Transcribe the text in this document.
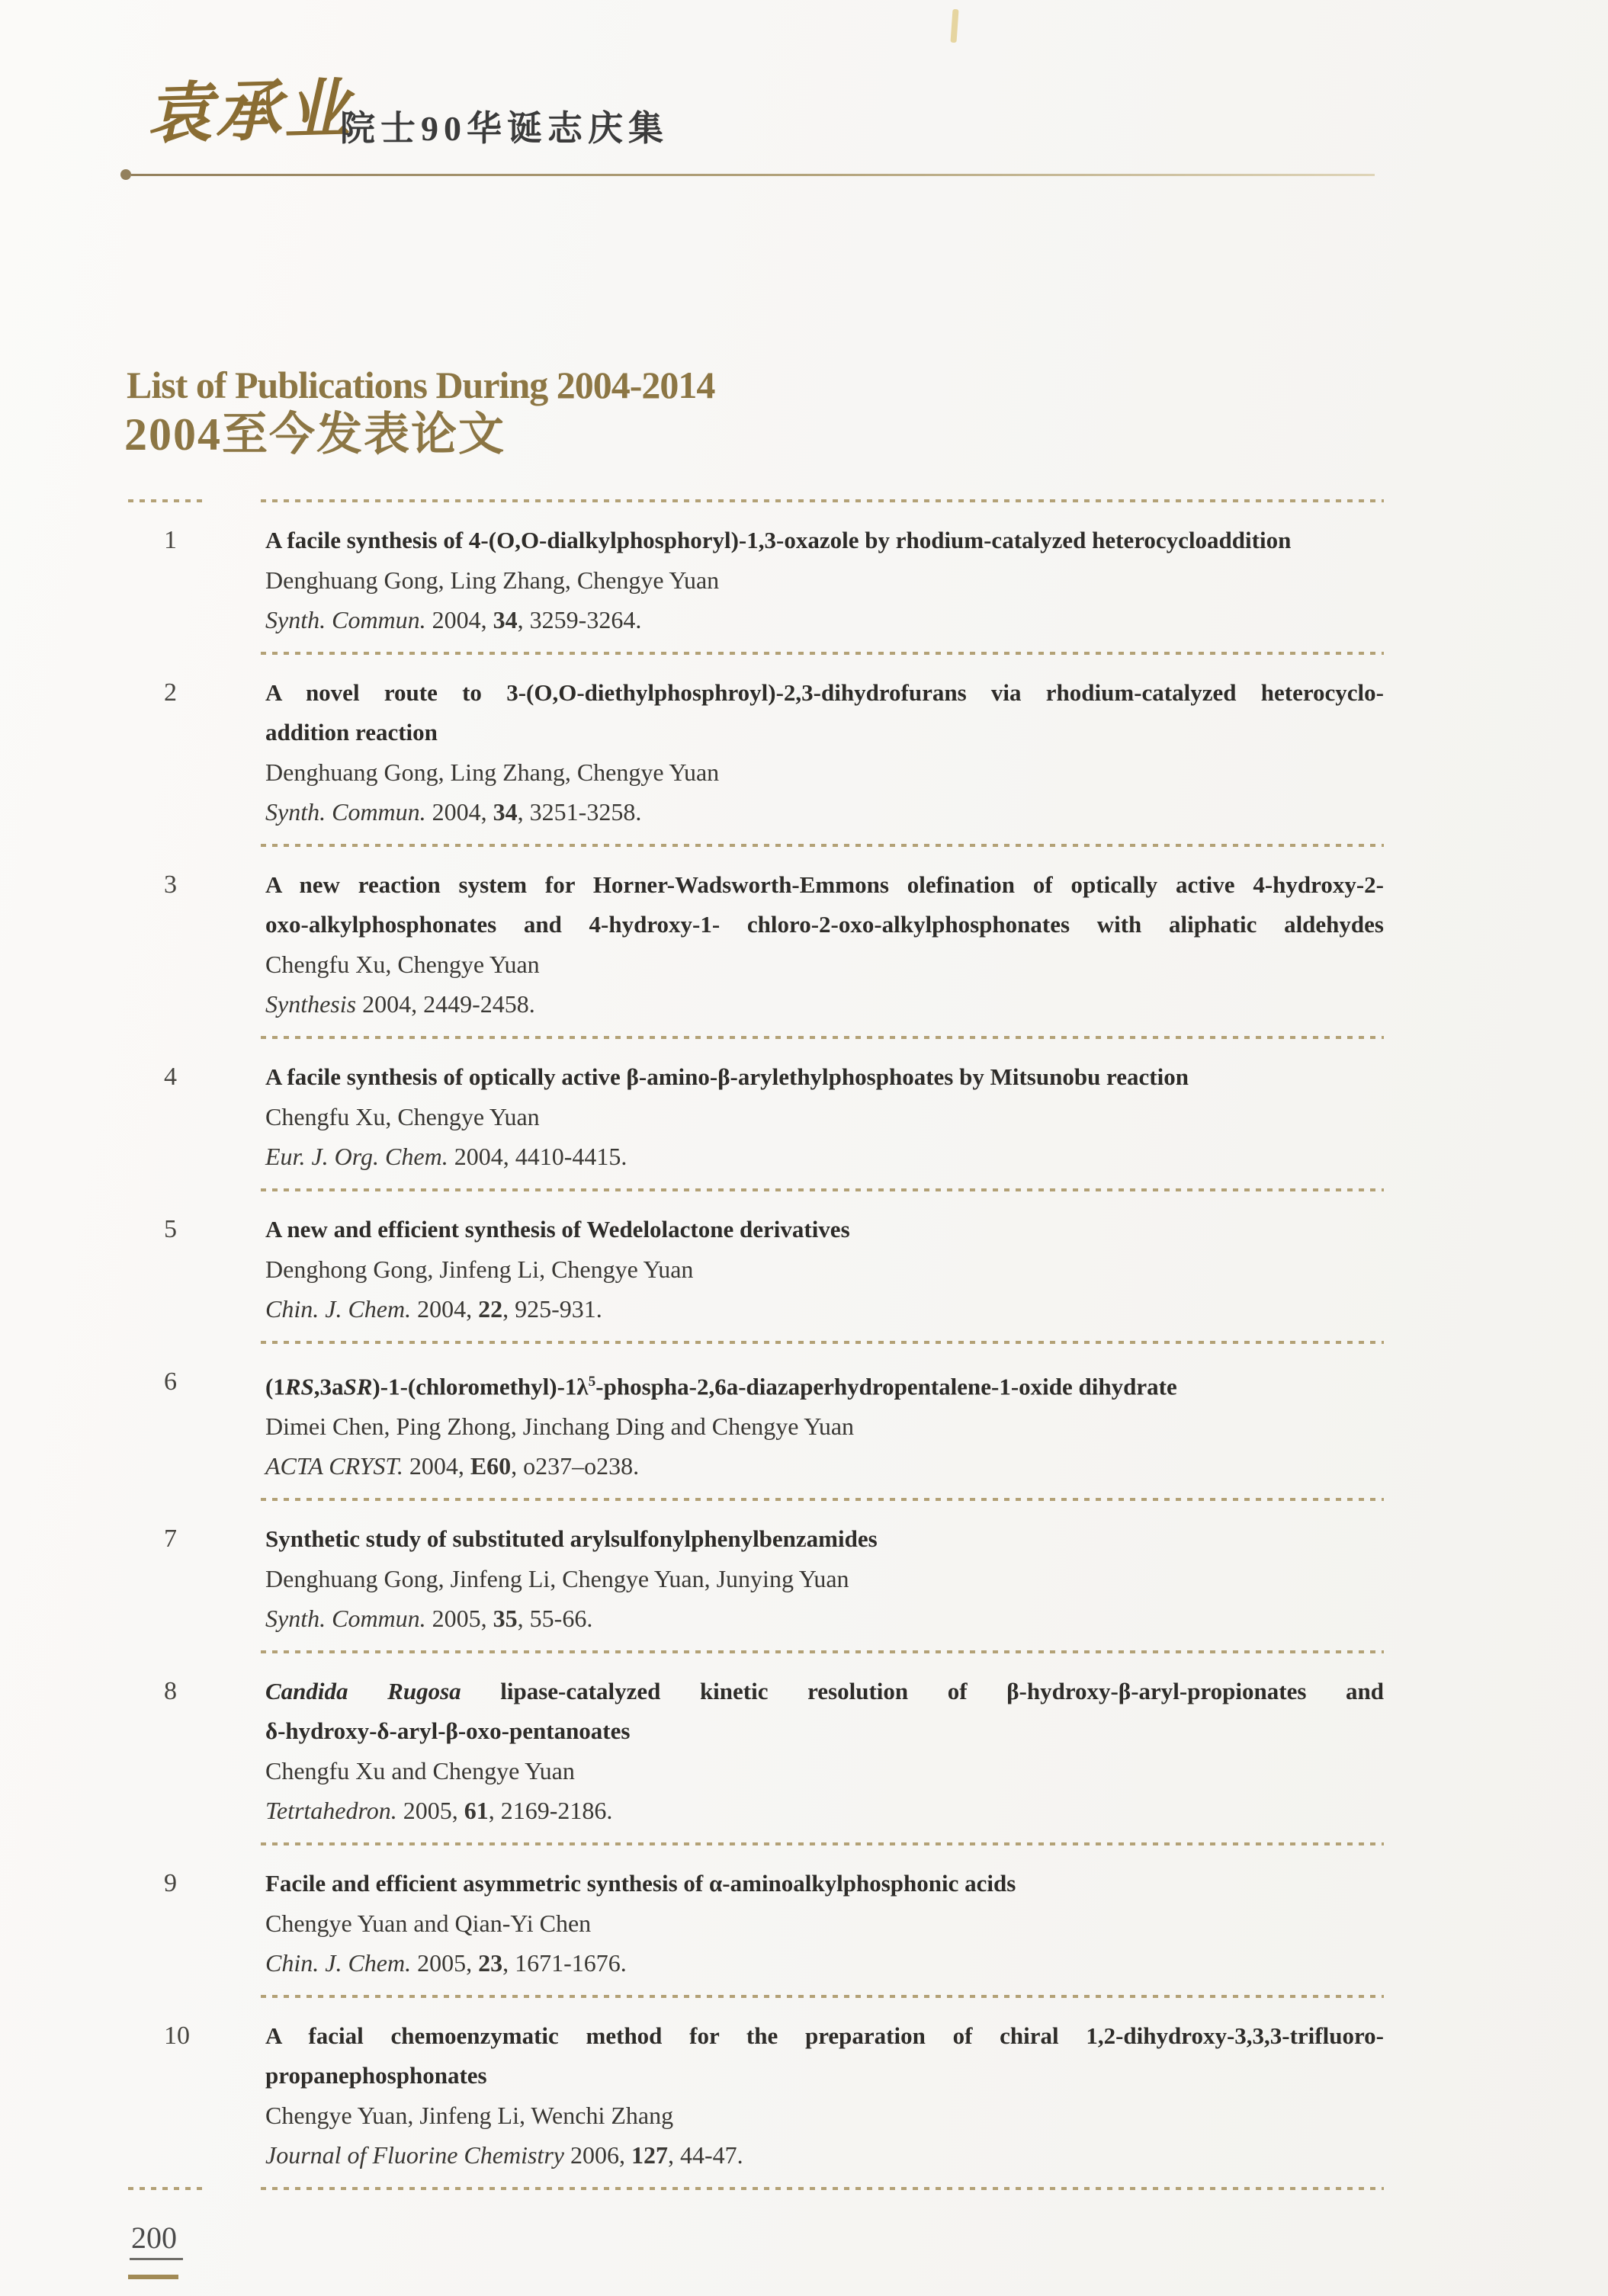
袁承业
院士90华诞志庆集
List of Publications During 2004-2014
2004至今发表论文
1	A facile synthesis of 4-(O,O-dialkylphosphoryl)-1,3-oxazole by rhodium-catalyzed heterocycloaddition
Denghuang Gong, Ling Zhang, Chengye Yuan
Synth. Commun. 2004, 34, 3259-3264.
2	A novel route to 3-(O,O-diethylphosphroyl)-2,3-dihydrofurans via rhodium-catalyzed heterocyclo-
addition reaction
Denghuang Gong, Ling Zhang, Chengye Yuan
Synth. Commun. 2004, 34, 3251-3258.
3	A new reaction system for Horner-Wadsworth-Emmons olefination of optically active 4-hydroxy-2-
oxo-alkylphosphonates and 4-hydroxy-1- chloro-2-oxo-alkylphosphonates with aliphatic aldehydes
Chengfu Xu, Chengye Yuan
Synthesis 2004, 2449-2458.
4	A facile synthesis of optically active β-amino-β-arylethylphosphoates by Mitsunobu reaction
Chengfu Xu, Chengye Yuan
Eur. J. Org. Chem. 2004, 4410-4415.
5	A new and efficient synthesis of Wedelolactone derivatives
Denghong Gong, Jinfeng Li, Chengye Yuan
Chin. J. Chem. 2004, 22, 925-931.
6	$(1RS,3aSR)-1-(chloromethyl)-1\lambda^5-phospha-2,6a-diazaperhydropentalene-1$-oxide dihydrate
Dimei Chen, Ping Zhong, Jinchang Ding and Chengye Yuan
ACTA CRYST. 2004, E60, o237–o238.
7	Synthetic study of substituted arylsulfonylphenylbenzamides
Denghuang Gong, Jinfeng Li, Chengye Yuan, Junying Yuan
Synth. Commun. 2005, 35, 55-66.
8	Candida Rugosa lipase-catalyzed kinetic resolution of β-hydroxy-β-aryl-propionates and
δ-hydroxy-δ-aryl-β-oxo-pentanoates
Chengfu Xu and Chengye Yuan
Tetrtahedron. 2005, 61, 2169-2186.
9	Facile and efficient asymmetric synthesis of α-aminoalkylphosphonic acids
Chengye Yuan and Qian-Yi Chen
Chin. J. Chem. 2005, 23, 1671-1676.
10	A facial chemoenzymatic method for the preparation of chiral 1,2-dihydroxy-3,3,3-trifluoro-
propanephosphonates
Chengye Yuan, Jinfeng Li, Wenchi Zhang
Journal of Fluorine Chemistry 2006, 127, 44-47.
200
